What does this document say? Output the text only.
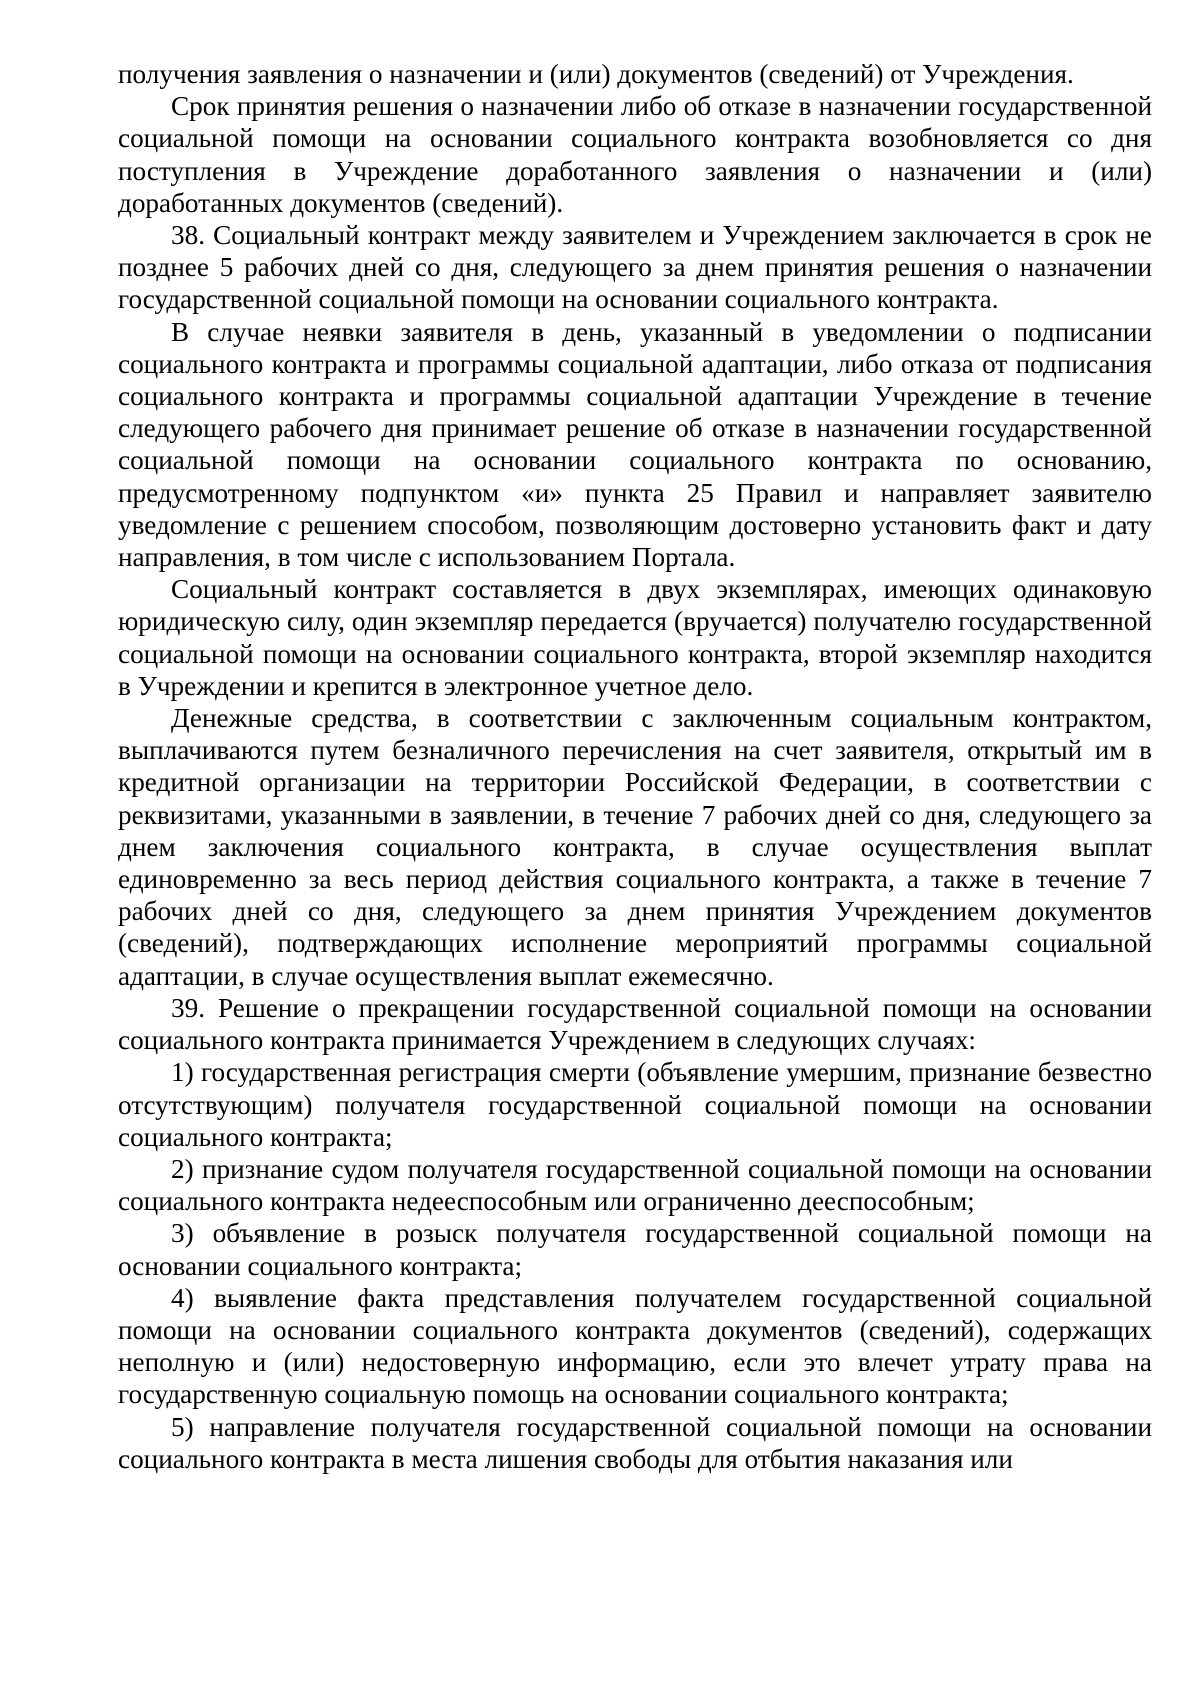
получения заявления о назначении и (или) документов (сведений) от Учреждения.

Срок принятия решения о назначении либо об отказе в назначении государственной социальной помощи на основании социального контракта возобновляется со дня поступления в Учреждение доработанного заявления о назначении и (или) доработанных документов (сведений).

38. Социальный контракт между заявителем и Учреждением заключается в срок не позднее 5 рабочих дней со дня, следующего за днем принятия решения о назначении государственной социальной помощи на основании социального контракта.

В случае неявки заявителя в день, указанный в уведомлении о подписании социального контракта и программы социальной адаптации, либо отказа от подписания социального контракта и программы социальной адаптации Учреждение в течение следующего рабочего дня принимает решение об отказе в назначении государственной социальной помощи на основании социального контракта по основанию, предусмотренному подпунктом «и» пункта 25 Правил и направляет заявителю уведомление с решением способом, позволяющим достоверно установить факт и дату направления, в том числе с использованием Портала.

Социальный контракт составляется в двух экземплярах, имеющих одинаковую юридическую силу, один экземпляр передается (вручается) получателю государственной социальной помощи на основании социального контракта, второй экземпляр находится в Учреждении и крепится в электронное учетное дело.

Денежные средства, в соответствии с заключенным социальным контрактом, выплачиваются путем безналичного перечисления на счет заявителя, открытый им в кредитной организации на территории Российской Федерации, в соответствии с реквизитами, указанными в заявлении, в течение 7 рабочих дней со дня, следующего за днем заключения социального контракта, в случае осуществления выплат единовременно за весь период действия социального контракта, а также в течение 7 рабочих дней со дня, следующего за днем принятия Учреждением документов (сведений), подтверждающих исполнение мероприятий программы социальной адаптации, в случае осуществления выплат ежемесячно.

39. Решение о прекращении государственной социальной помощи на основании социального контракта принимается Учреждением в следующих случаях:

1) государственная регистрация смерти (объявление умершим, признание безвестно отсутствующим) получателя государственной социальной помощи на основании социального контракта;

2) признание судом получателя государственной социальной помощи на основании социального контракта недееспособным или ограниченно дееспособным;

3) объявление в розыск получателя государственной социальной помощи на основании социального контракта;

4) выявление факта представления получателем государственной социальной помощи на основании социального контракта документов (сведений), содержащих неполную и (или) недостоверную информацию, если это влечет утрату права на государственную социальную помощь на основании социального контракта;

5) направление получателя государственной социальной помощи на основании социального контракта в места лишения свободы для отбытия наказания или
